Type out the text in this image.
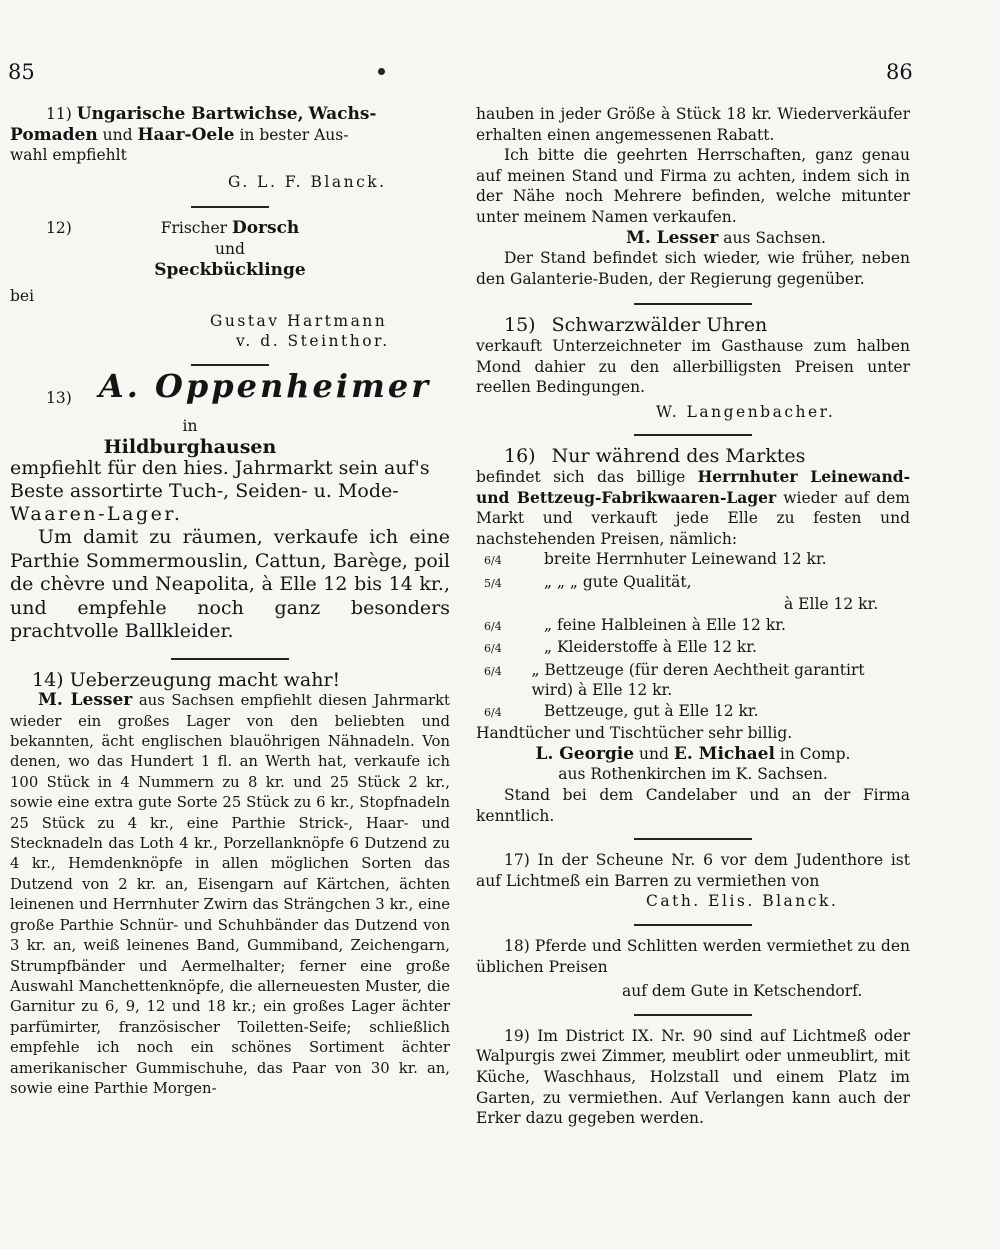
85	86

11) Ungarische Bartwichse, Wachs-

Pomaden und Haar-Oele in bester Aus-

wahl empfiehlt

G. L. F. Blanck.

12)	Frischer Dorsch

und

Speckbücklinge

bei

Gustav Hartmann

v. d. Steinthor.

13) A. Oppenheimer

in

Hildburghausen

empfiehlt für den hies. Jahrmarkt sein auf's

Beste assortirte Tuch-, Seiden- u. Mode-

Waaren-Lager.

Um damit zu räumen, verkaufe ich eine Parthie Sommermouslin, Cattun, Barège, poil de chèvre und Neapolita, à Elle 12 bis 14 kr., und empfehle noch ganz besonders prachtvolle Ballkleider.

14) Ueberzeugung macht wahr!

M. Lesser aus Sachsen empfiehlt diesen Jahrmarkt wieder ein großes Lager von den beliebten und bekannten, ächt englischen blauöhrigen Nähnadeln. Von denen, wo das Hundert 1 fl. an Werth hat, verkaufe ich 100 Stück in 4 Nummern zu 8 kr. und 25 Stück 2 kr., sowie eine extra gute Sorte 25 Stück zu 6 kr., Stopfnadeln 25 Stück zu 4 kr., eine Parthie Strick-, Haar- und Stecknadeln das Loth 4 kr., Porzellanknöpfe 6 Dutzend zu 4 kr., Hemdenknöpfe in allen möglichen Sorten das Dutzend von 2 kr. an, Eisengarn auf Kärtchen, ächten leinenen und Herrnhuter Zwirn das Strängchen 3 kr., eine große Parthie Schnür- und Schuhbänder das Dutzend von 3 kr. an, weiß leinenes Band, Gummiband, Zeichengarn, Strumpfbänder und Aermelhalter; ferner eine große Auswahl Manchettenknöpfe, die allerneuesten Muster, die Garnitur zu 6, 9, 12 und 18 kr.; ein großes Lager ächter parfümirter, französischer Toiletten-Seife; schließlich empfehle ich noch ein schönes Sortiment ächter amerikanischer Gummischuhe, das Paar von 30 kr. an, sowie eine Parthie Morgen-

hauben in jeder Größe à Stück 18 kr. Wiederverkäufer erhalten einen angemessenen Rabatt.

Ich bitte die geehrten Herrschaften, ganz genau auf meinen Stand und Firma zu achten, indem sich in der Nähe noch Mehrere befinden, welche mitunter unter meinem Namen verkaufen.

M. Lesser aus Sachsen.

Der Stand befindet sich wieder, wie früher, neben den Galanterie-Buden, der Regierung gegenüber.

15) Schwarzwälder Uhren

verkauft Unterzeichneter im Gasthause zum halben Mond dahier zu den allerbilligsten Preisen unter reellen Bedingungen.

W. Langenbacher.

16) Nur während des Marktes

befindet sich das billige Herrnhuter Leinewand- und Bettzeug-Fabrikwaaren-Lager wieder auf dem Markt und verkauft jede Elle zu festen und nachstehenden Preisen, nämlich:

6/4	breite Herrnhuter Leinewand 12 kr.
5/4	„ „ „ gute Qualität,
à Elle 12 kr.
6/4	„ feine Halbleinen à Elle 12 kr.
6/4	„ Kleiderstoffe à Elle 12 kr.
6/4	„ Bettzeuge (für deren Aechtheit garantirt wird) à Elle 12 kr.
6/4	Bettzeuge, gut à Elle 12 kr.

Handtücher und Tischtücher sehr billig.

L. Georgie und E. Michael in Comp.

aus Rothenkirchen im K. Sachsen.

Stand bei dem Candelaber und an der Firma kenntlich.

17) In der Scheune Nr. 6 vor dem Judenthore ist auf Lichtmeß ein Barren zu vermiethen von

Cath. Elis. Blanck.

18) Pferde und Schlitten werden vermiethet zu den üblichen Preisen

auf dem Gute in Ketschendorf.

19) Im District IX. Nr. 90 sind auf Lichtmeß oder Walpurgis zwei Zimmer, meublirt oder unmeublirt, mit Küche, Waschhaus, Holzstall und einem Platz im Garten, zu vermiethen. Auf Verlangen kann auch der Erker dazu gegeben werden.
